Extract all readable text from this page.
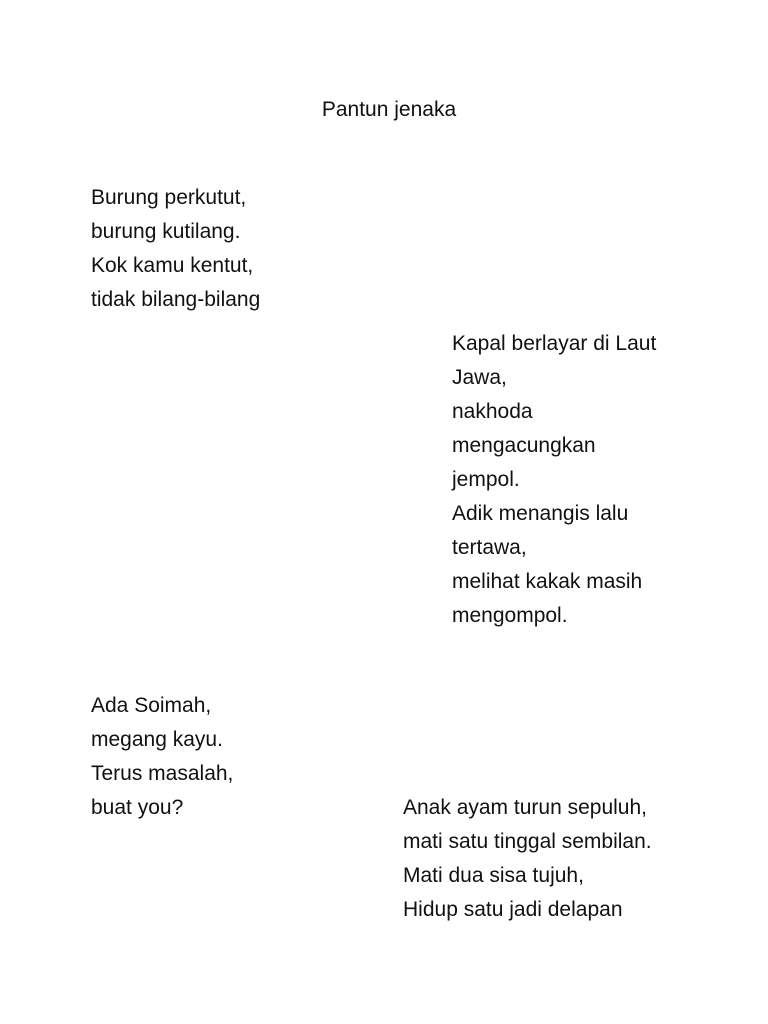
Pantun jenaka
Burung perkutut,
burung kutilang.
Kok kamu kentut,
tidak bilang-bilang
Kapal berlayar di Laut
Jawa,
nakhoda
mengacungkan
jempol.
Adik menangis lalu
tertawa,
melihat kakak masih
mengompol.
Ada Soimah,
megang kayu.
Terus masalah,
buat you?	Anak ayam turun sepuluh,
mati satu tinggal sembilan.
Mati dua sisa tujuh,
Hidup satu jadi delapan
